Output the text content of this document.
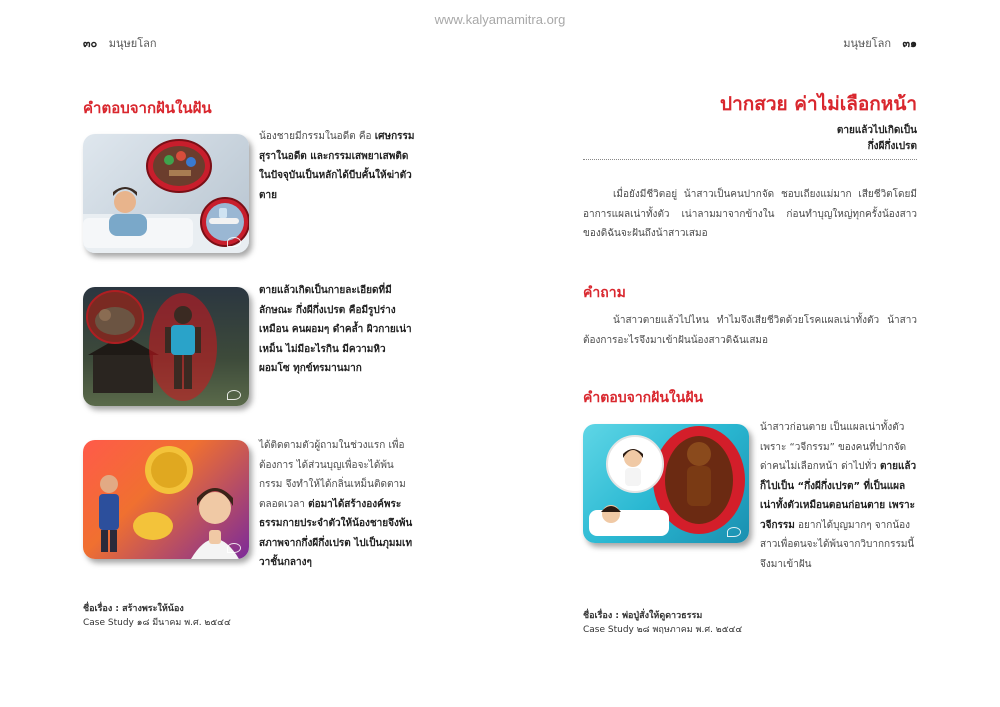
www.kalyamamitra.org
๓๐ มนุษยโลก
คำตอบจากฝันในฝัน
น้องชายมีกรรมในอดีต คือ เศษกรรมสุราในอดีต และกรรมเสพยาเสพติดในปัจจุบันเป็นหลักได้บีบคั้นให้ฆ่าตัวตาย
ตายแล้วเกิดเป็นกายละเอียดที่มีลักษณะ กึ่งผีกึ่งเปรต คือมีรูปร่างเหมือน คนผอมๆ ดำคล้ำ ผิวกายเน่าเหม็น ไม่มีอะไรกิน มีความหิว ผอมโซ ทุกข์ทรมานมาก
ได้ติดตามตัวผู้ถามในช่วงแรก เพื่อต้องการ ได้ส่วนบุญเพื่อจะได้พ้นกรรม จึงทำให้ได้กลิ่นเหม็นติดตามตลอดเวลา ต่อมาได้สร้างองค์พระธรรมกายประจำตัวให้น้องชายจึงพ้นสภาพจากกึ่งผีกึ่งเปรต ไปเป็นภุมมเทวาชั้นกลางๆ
ชื่อเรื่อง : สร้างพระให้น้อง
Case Study ๑๘ มีนาคม พ.ศ. ๒๕๔๔
มนุษยโลก ๓๑
ปากสวย ค่าไม่เลือกหน้า
ตายแล้วไปเกิดเป็น
กึ่งผีกึ่งเปรต
เมื่อยังมีชีวิตอยู่ น้าสาวเป็นคนปากจัด ชอบเถียงแม่มาก เสียชีวิตโดยมีอาการแผลเน่าทั้งตัว เน่าลามมาจากข้างใน ก่อนทำบุญใหญ่ทุกครั้งน้องสาวของดิฉันจะฝันถึงน้าสาวเสมอ
คำถาม
น้าสาวตายแล้วไปไหน ทำไมจึงเสียชีวิตด้วยโรคแผลเน่าทั้งตัว น้าสาวต้องการอะไรจึงมาเข้าฝันน้องสาวดิฉันเสมอ
คำตอบจากฝันในฝัน
น้าสาวก่อนตาย เป็นแผลเน่าทั้งตัว เพราะ “วจีกรรม” ของคนที่ปากจัด ด่าคนไม่เลือกหน้า ด่าไปทั่ว ตายแล้วก็ไปเป็น “กึ่งผีกึ่งเปรต” ที่เป็นแผลเน่าทั้งตัวเหมือนตอนก่อนตาย เพราะวจีกรรม อยากได้บุญมากๆ จากน้องสาวเพื่อตนจะได้พ้นจากวิบากกรรมนี้ จึงมาเข้าฝัน
ชื่อเรื่อง : พ่อปู่สั่งให้ดูดาวธรรม
Case Study ๒๘ พฤษภาคม พ.ศ. ๒๕๔๔
